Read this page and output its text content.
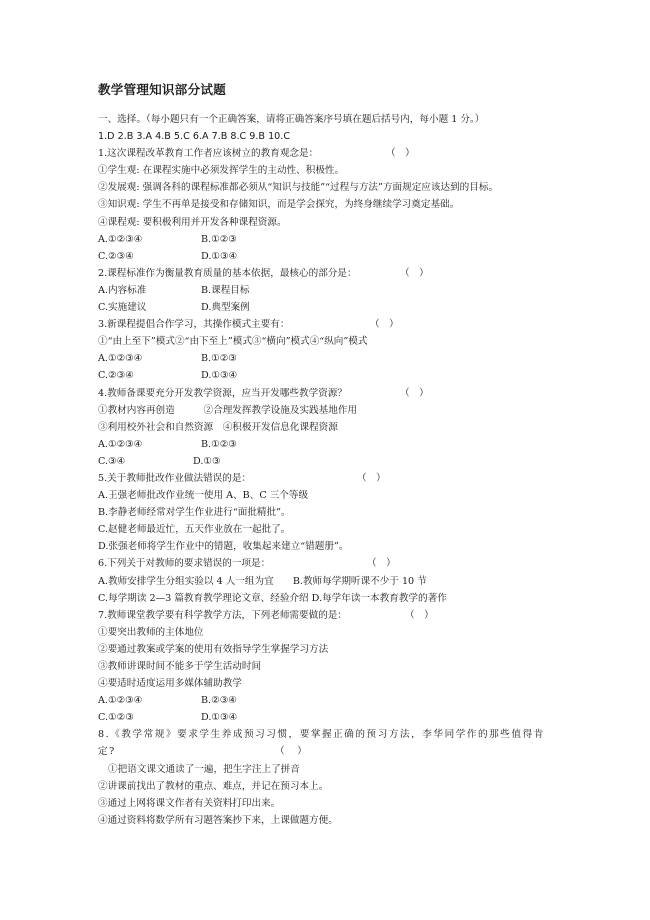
教学管理知识部分试题
一、选择。（每小题只有一个正确答案，请将正确答案序号填在题后括号内，每小题 1 分。）
1.D 2.B 3.A 4.B 5.C 6.A 7.B 8.C 9.B 10.C
1.这次课程改革教育工作者应该树立的教育观念是：	（　）
①学生观: 在课程实施中必须发挥学生的主动性、积极性。
②发展观: 强调各科的课程标准都必须从“知识与技能”“过程与方法”方面规定应该达到的目标。
③知识观: 学生不再单是接受和存储知识，而是学会探究，为终身继续学习奠定基础。
④课程观: 要积极利用并开发各种课程资源。
A.①②③④	B.①②③
C.②③④	D.①③④
2.课程标准作为衡量教育质量的基本依据，最核心的部分是：	（　）
A.内容标准	B.课程目标
C.实施建议	D.典型案例
3.新课程提倡合作学习，其操作模式主要有：	（　）
①“由上至下”模式②“由下至上”模式③“横向”模式④“纵向”模式
A.①②③④	B.①②③
C.②③④	D.①③④
4.教师备课要充分开发教学资源，应当开发哪些教学资源？	（　）
①教材内容再创造　　　②合理发挥教学设施及实践基地作用
③利用校外社会和自然资源　④积极开发信息化课程资源
A.①②③④	B.①②③
C.③④	D.①③
5.关于教师批改作业做法错误的是：	（　）
A.王强老师批改作业统一使用 A、B、C 三个等级
B.李静老师经常对学生作业进行“面批精批”。
C.赵健老师最近忙，五天作业放在一起批了。
D.张强老师将学生作业中的错题，收集起来建立“错题册”。
6.下列关于对教师的要求错误的一项是：	（　）
A.教师安排学生分组实验以 4 人一组为宜　　B.教师每学期听课不少于 10 节
C.每学期读 2—3 篇教育教学理论文章、经验介绍 D.每学年读一本教育教学的著作
7.教师课堂教学要有科学教学方法，下列老师需要做的是：	（　）
①要突出教师的主体地位
②要通过教案或学案的使用有效指导学生掌握学习方法
③教师讲课时间不能多于学生活动时间
④要适时适度运用多媒体辅助教学
A.①②③④	B.②③④
C.①②③	D.①③④
8.《教学常规》要求学生养成预习习惯，要掌握正确的预习方法，李华同学作的那些值得肯定?	（　）
①把语文课文通读了一遍，把生字注上了拼音
②讲课前找出了教材的重点、难点，并记在预习本上。
③通过上网将课文作者有关资料打印出来。
④通过资料将数学所有习题答案抄下来，上课做题方便。
